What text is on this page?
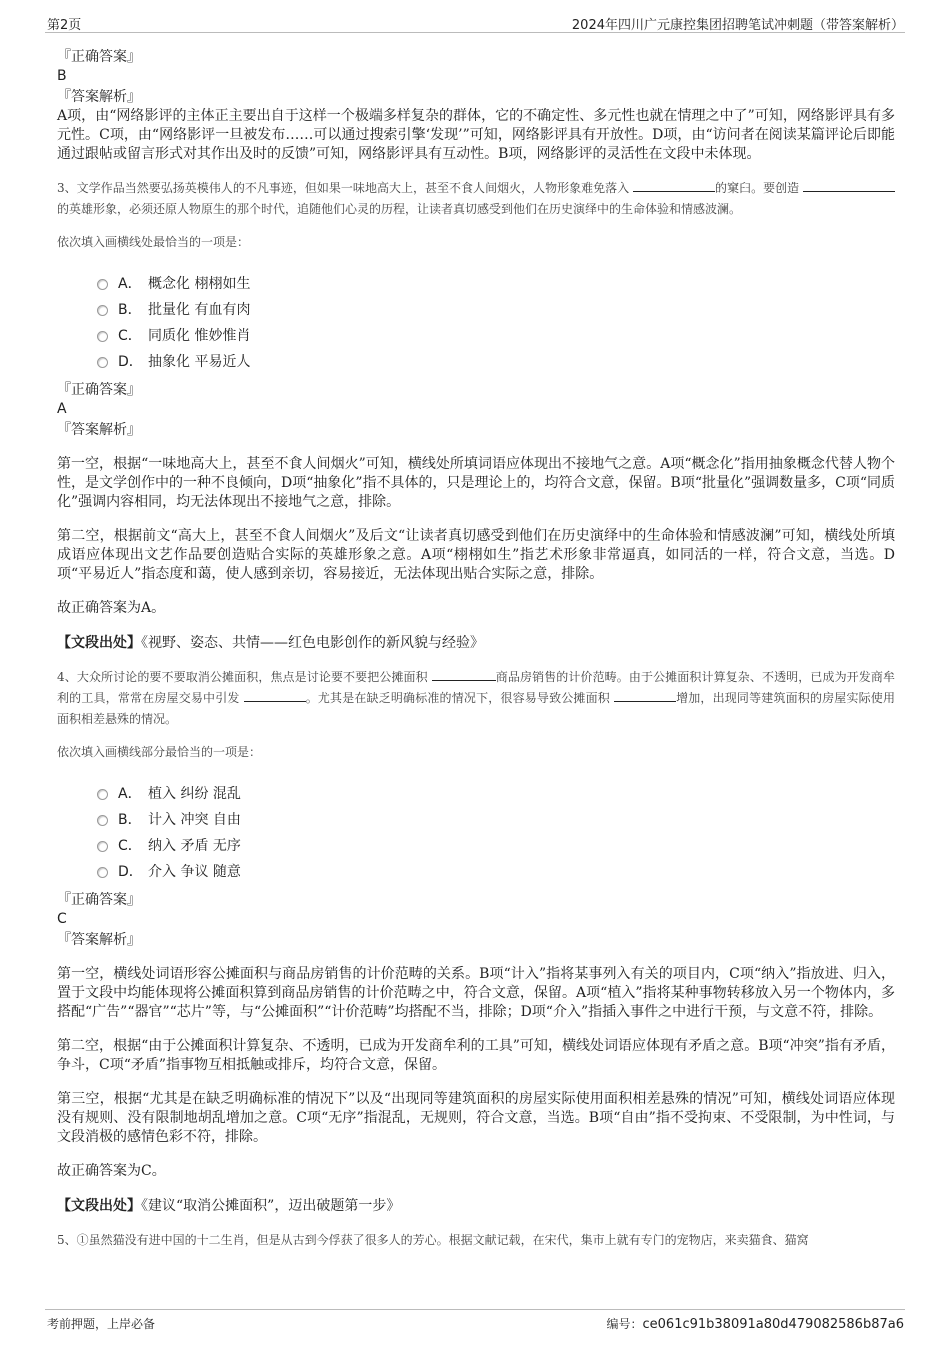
第2页	2024年四川广元康控集团招聘笔试冲刺题（带答案解析）
『正确答案』
B
『答案解析』
A项，由“网络影评的主体正主要出自于这样一个极端多样复杂的群体，它的不确定性、多元性也就在情理之中了”可知，网络影评具有多元性。C项，由“网络影评一旦被发布……可以通过搜索引擎‘发现’”可知，网络影评具有开放性。D项，由“访问者在阅读某篇评论后即能通过跟帖或留言形式对其作出及时的反馈”可知，网络影评具有互动性。B项，网络影评的灵活性在文段中未体现。
3、文学作品当然要弘扬英模伟人的不凡事迹，但如果一味地高大上，甚至不食人间烟火，人物形象难免落入	的窠臼。要创造 的英雄形象，必须还原人物原生的那个时代，追随他们心灵的历程，让读者真切感受到他们在历史演绎中的生命体验和情感波澜。
依次填入画横线处最恰当的一项是：
A． 概念化 栩栩如生
B． 批量化 有血有肉
C． 同质化 惟妙惟肖
D． 抽象化 平易近人
『正确答案』
A
『答案解析』
第一空，根据“一味地高大上，甚至不食人间烟火”可知，横线处所填词语应体现出不接地气之意。A项“概念化”指用抽象概念代替人物个性，是文学创作中的一种不良倾向，D项“抽象化”指不具体的，只是理论上的，均符合文意，保留。B项“批量化”强调数量多，C项“同质化”强调内容相同，均无法体现出不接地气之意，排除。
第二空，根据前文“高大上，甚至不食人间烟火”及后文“让读者真切感受到他们在历史演绎中的生命体验和情感波澜”可知，横线处所填成语应体现出文艺作品要创造贴合实际的英雄形象之意。A项“栩栩如生”指艺术形象非常逼真，如同活的一样，符合文意，当选。D项“平易近人”指态度和蔼，使人感到亲切，容易接近，无法体现出贴合实际之意，排除。
故正确答案为A。
【文段出处】《视野、姿态、共情——红色电影创作的新风貌与经验》
4、大众所讨论的要不要取消公摊面积，焦点是讨论要不要把公摊面积	商品房销售的计价范畴。由于公摊面积计算复杂、不透明，已成为开发商牟利的工具，常常在房屋交易中引发	。尤其是在缺乏明确标准的情况下，很容易导致公摊面积	增加，出现同等建筑面积的房屋实际使用面积相差悬殊的情况。
依次填入画横线部分最恰当的一项是：
A． 植入 纠纷 混乱
B． 计入 冲突 自由
C． 纳入 矛盾 无序
D． 介入 争议 随意
『正确答案』
C
『答案解析』
第一空，横线处词语形容公摊面积与商品房销售的计价范畴的关系。B项“计入”指将某事列入有关的项目内，C项“纳入”指放进、归入，置于文段中均能体现将公摊面积算到商品房销售的计价范畴之中，符合文意，保留。A项“植入”指将某种事物转移放入另一个物体内，多搭配“广告”“器官”“芯片”等，与“公摊面积”“计价范畴”均搭配不当，排除；D项“介入”指插入事件之中进行干预，与文意不符，排除。
第二空，根据“由于公摊面积计算复杂、不透明，已成为开发商牟利的工具”可知，横线处词语应体现有矛盾之意。B项“冲突”指有矛盾，争斗，C项“矛盾”指事物互相抵触或排斥，均符合文意，保留。
第三空，根据“尤其是在缺乏明确标准的情况下”以及“出现同等建筑面积的房屋实际使用面积相差悬殊的情况”可知，横线处词语应体现没有规则、没有限制地胡乱增加之意。C项“无序”指混乱，无规则，符合文意，当选。B项“自由”指不受拘束、不受限制，为中性词，与文段消极的感情色彩不符，排除。
故正确答案为C。
【文段出处】《建议“取消公摊面积”，迈出破题第一步》
5、①虽然猫没有进中国的十二生肖，但是从古到今俘获了很多人的芳心。根据文献记载，在宋代，集市上就有专门的宠物店，来卖猫食、猫窝
考前押题，上岸必备	编号：ce061c91b38091a80d479082586b87a6
